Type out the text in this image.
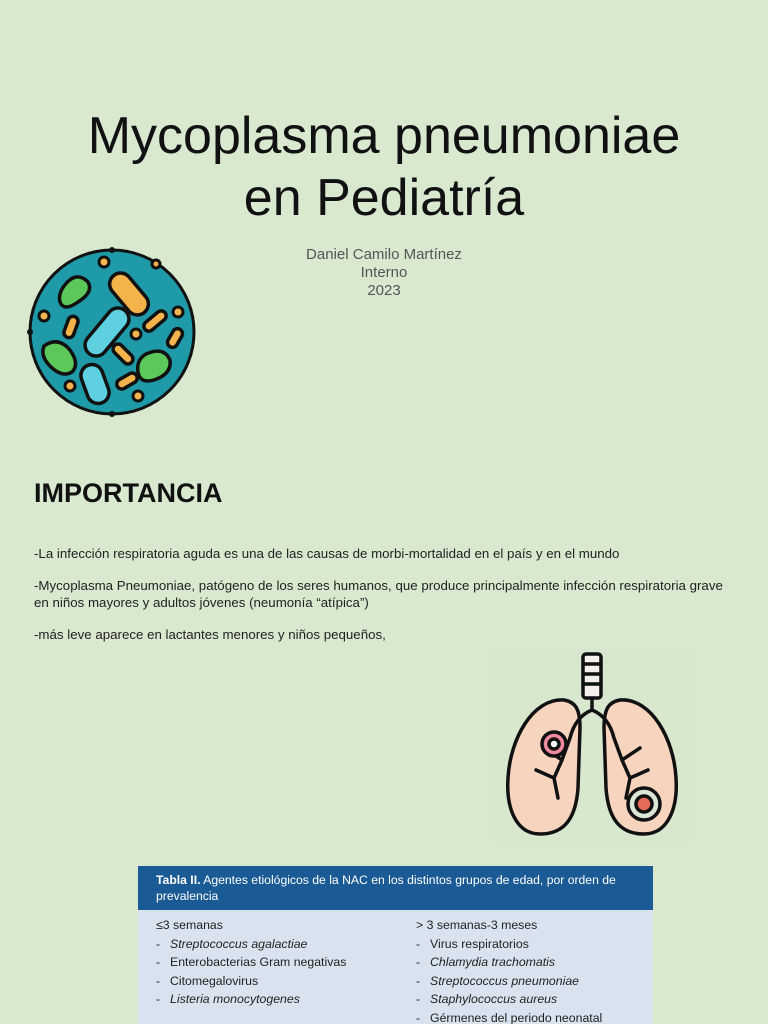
Mycoplasma pneumoniae
en Pediatría
Daniel Camilo Martínez
Interno
2023
IMPORTANCIA
-La infección respiratoria aguda es una de las causas de morbi-mortalidad en el país y en el mundo
-Mycoplasma Pneumoniae, patógeno de los seres humanos, que produce principalmente infección respiratoria grave en niños mayores y adultos jóvenes (neumonía “atípica”)
-más leve aparece en lactantes menores y niños pequeños,
Tabla II. Agentes etiológicos de la NAC en los distintos grupos de edad, por orden de prevalencia
≤3 semanas
- Streptococcus agalactiae
- Enterobacterias Gram negativas
- Citomegalovirus
- Listeria monocytogenes
> 3 semanas-3 meses
- Virus respiratorios
- Chlamydia trachomatis
- Streptococcus pneumoniae
- Staphylococcus aureus
- Gérmenes del periodo neonatal
